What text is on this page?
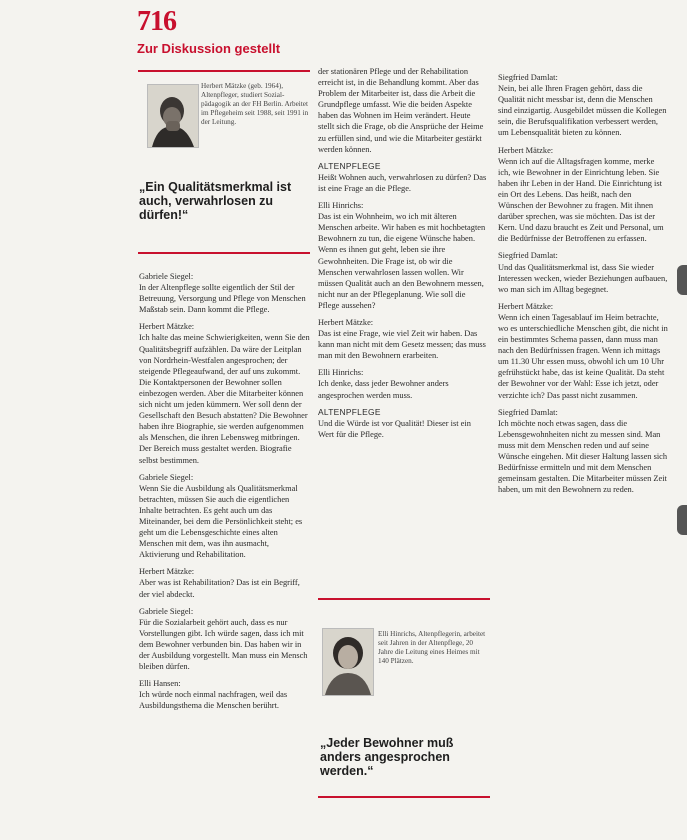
716
Zur Diskussion gestellt
Herbert Mätzke (geb. 1964), Altenpfleger, studiert Sozial-pädagogik an der FH Berlin. Arbeitet im Pflegeheim seit 1988, seit 1991 in der Leitung.
„Ein Qualitätsmerkmal ist auch, verwahrlosen zu dürfen!“

Gabriele Siegel:
In der Altenpflege sollte eigentlich der Stil der Betreuung, Versorgung und Pflege von Menschen Maßstab sein. Dann kommt die Pflege.

Herbert Mätzke:
Ich halte das meine Schwierigkeiten, wenn Sie den Qualitätsbegriff aufzählen. Da wäre der Leitplan von Nordrhein-Westfalen angesprochen; der steigende Pflegeaufwand, der auf uns zukommt. Die Kontaktpersonen der Bewohner sollen einbezogen werden. Aber die Mitarbeiter können sich nicht um jeden kümmern. Wer soll denn der Gesellschaft den Besuch abstatten? Die Bewohner haben ihre Biographie, sie werden aufgenommen als Menschen, die ihren Lebensweg mitbringen. Der Bereich muss gestaltet werden. Biografie selbst bestimmen.

Gabriele Siegel:
Wenn Sie die Ausbildung als Qualitätsmerkmal betrachten, müssen Sie auch die eigentlichen Inhalte betrachten. Es geht auch um das Miteinander, bei dem die Persönlichkeit steht; es geht um die Lebensgeschichte eines alten Menschen mit dem, was ihn ausmacht, Aktivierung und Rehabilitation.

Herbert Mätzke:
Aber was ist Rehabilitation? Das ist ein Begriff, der viel abdeckt.

Gabriele Siegel:
Für die Sozialarbeit gehört auch, dass es nur Vorstellungen gibt. Ich würde sagen, dass ich mit dem Bewohner verbunden bin. Das haben wir in der Ausbildung vorgestellt. Man muss ein Mensch bleiben dürfen.

Elli Hansen:
Ich würde noch einmal nachfragen, weil das Ausbildungsthema die Menschen berührt.

der stationären Pflege und der Rehabilitation erreicht ist, in die Behandlung kommt. Aber das Problem der Mitarbeiter ist, dass die Arbeit die Grundpflege umfasst. Wie die beiden Aspekte haben das Wohnen im Heim verändert. Heute stellt sich die Frage, ob die Ansprüche der Heime zu erfüllen sind, und wie die Mitarbeiter gestärkt werden können.

ALTENPFLEGE
Heißt Wohnen auch, verwahrlosen zu dürfen? Das ist eine Frage an die Pflege.

Elli Hinrichs:
Das ist ein Wohnheim, wo ich mit älteren Menschen arbeite. Wir haben es mit hochbetagten Bewohnern zu tun, die eigene Wünsche haben. Wenn es ihnen gut geht, leben sie ihre Gewohnheiten. Die Frage ist, ob wir die Menschen verwahrlosen lassen wollen. Wir müssen Qualität auch an den Bewohnern messen, nicht nur an der Pflegeplanung. Wie soll die Pflege aussehen?

Herbert Mätzke:
Das ist eine Frage, wie viel Zeit wir haben. Das kann man nicht mit dem Gesetz messen; das muss man mit den Bewohnern erarbeiten.

Elli Hinrichs:
Ich denke, dass jeder Bewohner anders angesprochen werden muss.

ALTENPFLEGE
Und die Würde ist vor Qualität! Dieser ist ein Wert für die Pflege.

Elli Hinrichs, Altenpflegerin, arbeitet seit Jahren in der Altenpflege, 20 Jahre die Leitung eines Heimes mit 140 Plätzen.
„Jeder Bewohner muß anders angesprochen werden.“

Siegfried Damlat:
Nein, bei alle Ihren Fragen gehört, dass die Qualität nicht messbar ist, denn die Menschen sind einzigartig. Ausgebildet müssen die Kollegen sein, die Berufsqualifikation verbessert werden, um Lebensqualität bieten zu können.

Herbert Mätzke:
Wenn ich auf die Alltagsfragen komme, merke ich, wie Bewohner in der Einrichtung leben. Sie haben ihr Leben in der Hand. Die Einrichtung ist ein Ort des Lebens. Das heißt, nach den Wünschen der Bewohner zu fragen. Mit ihnen darüber sprechen, was sie möchten. Das ist der Kern. Und dazu braucht es Zeit und Personal, um die Bedürfnisse der Betroffenen zu erfassen.

Siegfried Damlat:
Und das Qualitätsmerkmal ist, dass Sie wieder Interessen wecken, wieder Beziehungen aufbauen, wo man sich im Alltag begegnet.

Herbert Mätzke:
Wenn ich einen Tagesablauf im Heim betrachte, wo es unterschiedliche Menschen gibt, die nicht in ein bestimmtes Schema passen, dann muss man nach den Bedürfnissen fragen. Wenn ich mittags um 11.30 Uhr essen muss, obwohl ich um 10 Uhr gefrühstückt habe, das ist keine Qualität. Da steht der Bewohner vor der Wahl: Esse ich jetzt, oder verzichte ich? Das passt nicht zusammen.

Siegfried Damlat:
Ich möchte noch etwas sagen, dass die Lebensgewohnheiten nicht zu messen sind. Man muss mit dem Menschen reden und auf seine Wünsche eingehen. Mit dieser Haltung lassen sich Bedürfnisse ermitteln und mit dem Menschen gemeinsam gestalten. Die Mitarbeiter müssen Zeit haben, um mit den Bewohnern zu reden.
